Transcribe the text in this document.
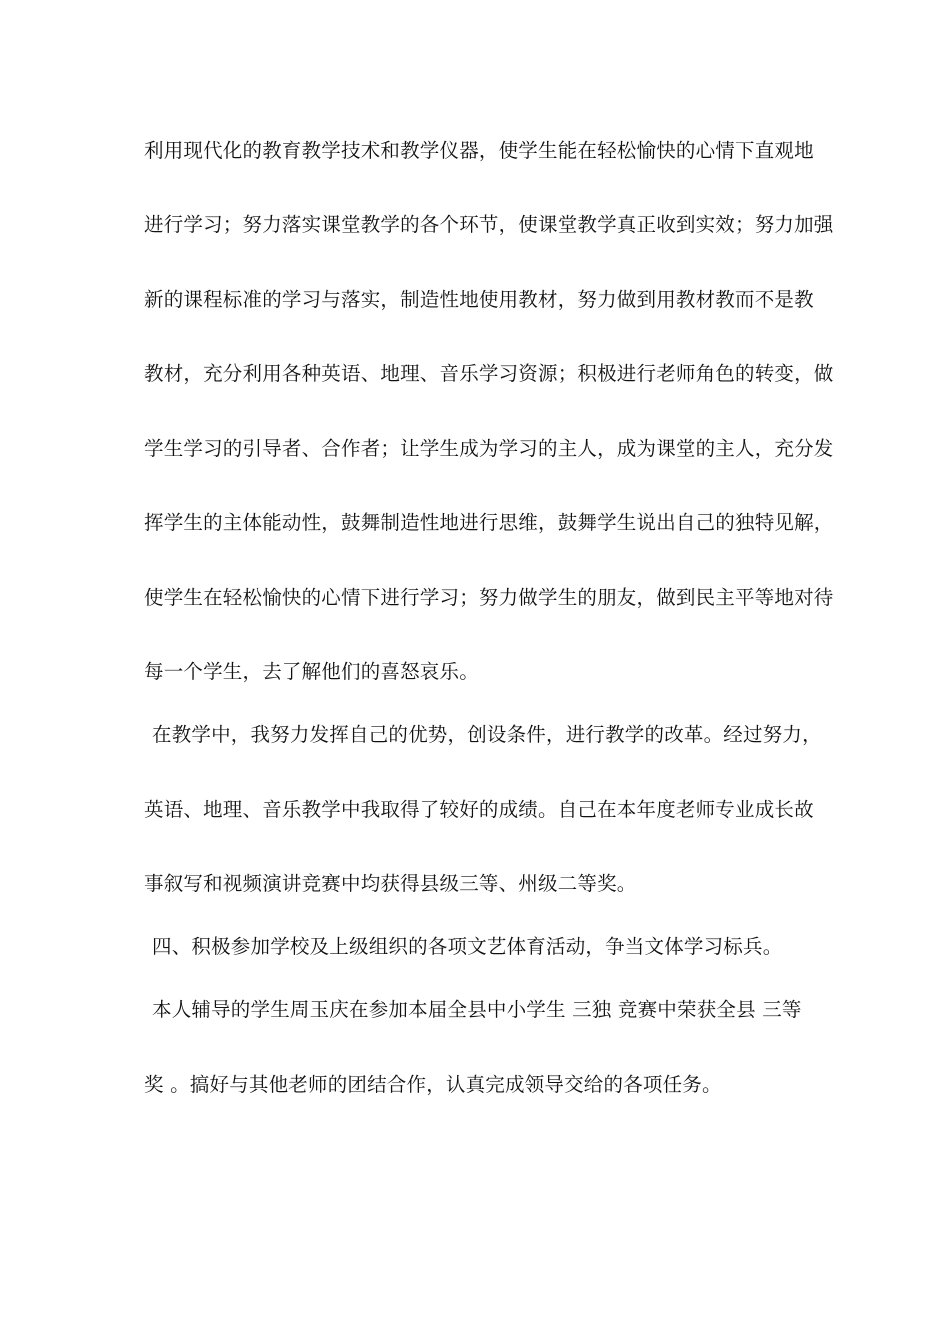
利用现代化的教育教学技术和教学仪器，使学生能在轻松愉快的心情下直观地
进行学习；努力落实课堂教学的各个环节，使课堂教学真正收到实效；努力加强
新的课程标准的学习与落实，制造性地使用教材，努力做到用教材教而不是教
教材，充分利用各种英语、地理、音乐学习资源；积极进行老师角色的转变，做
学生学习的引导者、合作者；让学生成为学习的主人，成为课堂的主人，充分发
挥学生的主体能动性，鼓舞制造性地进行思维，鼓舞学生说出自己的独特见解，
使学生在轻松愉快的心情下进行学习；努力做学生的朋友，做到民主平等地对待
每一个学生，去了解他们的喜怒哀乐。
在教学中，我努力发挥自己的优势，创设条件，进行教学的改革。经过努力，
英语、地理、音乐教学中我取得了较好的成绩。自己在本年度老师专业成长故
事叙写和视频演讲竞赛中均获得县级三等、州级二等奖。
四、积极参加学校及上级组织的各项文艺体育活动，争当文体学习标兵。
本人辅导的学生周玉庆在参加本届全县中小学生 三独 竞赛中荣获全县 三等
奖 。搞好与其他老师的团结合作，认真完成领导交给的各项任务。
